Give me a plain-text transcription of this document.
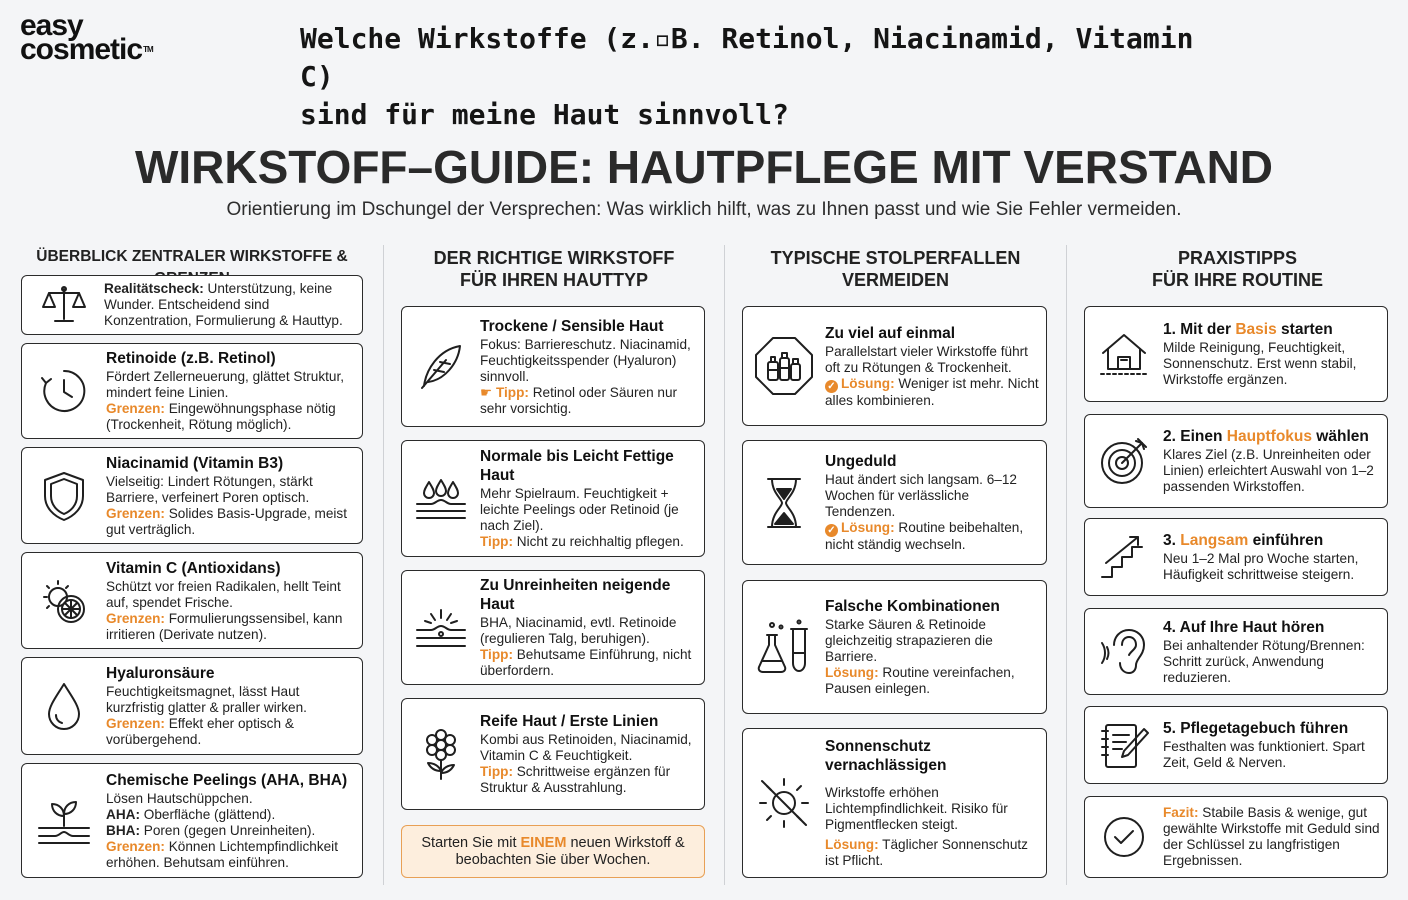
easy
cosmetic™	Welche Wirkstoffe (z.▫B. Retinol, Niacinamid, Vitamin C)
sind für meine Haut sinnvoll?
WIRKSTOFF–GUIDE: HAUTPFLEGE MIT VERSTAND
Orientierung im Dschungel der Versprechen: Was wirklich hilft, was zu Ihnen passt und wie Sie Fehler vermeiden.
ÜBERBLICK ZENTRALER WIRKSTOFFE &
Realitätscheck: Unterstützung, keine Wunder. Entscheidend sind Konzentration, Formulierung & Hauttyp.
Retinoide (z.B. Retinol)
Fördert Zellerneuerung, glättet Struktur, mindert feine Linien.
Grenzen: Eingewöhnungsphase nötig (Trockenheit, Rötung möglich).
Niacinamid (Vitamin B3)
Vielseitig: Lindert Rötungen, stärkt Barriere, verfeinert Poren optisch.
Grenzen: Solides Basis-Upgrade, meist gut verträglich.
Vitamin C (Antioxidans)
Schützt vor freien Radikalen, hellt Teint auf, spendet Frische.
Grenzen: Formulierungssensibel, kann irritieren (Derivate nutzen).
Hyaluronsäure
Feuchtigkeitsmagnet, lässt Haut kurzfristig glatter & praller wirken.
Grenzen: Effekt eher optisch & vorübergehend.
Chemische Peelings (AHA, BHA)
Lösen Hautschüppchen.
AHA: Oberfläche (glättend).
BHA: Poren (gegen Unreinheiten).
Grenzen: Können Lichtempfindlichkeit erhöhen. Behutsam einführen.
DER RICHTIGE WIRKSTOFF
FÜR IHREN HAUTTYP
Trockene / Sensible Haut
Fokus: Barriereschutz. Niacinamid, Feuchtigkeitsspender (Hyaluron) sinnvoll.
☛ Tipp: Retinol oder Säuren nur sehr vorsichtig.
Normale bis Leicht Fettige Haut
Mehr Spielraum. Feuchtigkeit + leichte Peelings oder Retinoid (je nach Ziel).
Tipp: Nicht zu reichhaltig pflegen.
Zu Unreinheiten neigende Haut
BHA, Niacinamid, evtl. Retinoide (regulieren Talg, beruhigen).
Tipp: Behutsame Einführung, nicht überfordern.
Reife Haut / Erste Linien
Kombi aus Retinoiden, Niacinamid, Vitamin C & Feuchtigkeit.
Tipp: Schrittweise ergänzen für Struktur & Ausstrahlung.
Starten Sie mit EINEM neuen Wirkstoff & beobachten Sie über Wochen.
TYPISCHE STOLPERFALLEN
VERMEIDEN
Zu viel auf einmal
Parallelstart vieler Wirkstoffe führt oft zu Rötungen & Trockenheit.
✓ Lösung: Weniger ist mehr. Nicht alles kombinieren.
Ungeduld
Haut ändert sich langsam. 6–12 Wochen für verlässliche Tendenzen.
✓ Lösung: Routine beibehalten, nicht ständig wechseln.
Falsche Kombinationen
Starke Säuren & Retinoide gleichzeitig strapazieren die Barriere.
Lösung: Routine vereinfachen, Pausen einlegen.
Sonnenschutz vernachlässigen
Wirkstoffe erhöhen Lichtempfindlichkeit. Risiko für Pigmentflecken steigt.
Lösung: Täglicher Sonnenschutz ist Pflicht.
PRAXISTIPPS
FÜR IHRE ROUTINE
1. Mit der Basis starten
Milde Reinigung, Feuchtigkeit, Sonnenschutz. Erst wenn stabil, Wirkstoffe ergänzen.
2. Einen Hauptfokus wählen
Klares Ziel (z.B. Unreinheiten oder Linien) erleichtert Auswahl von 1–2 passenden Wirkstoffen.
3. Langsam einführen
Neu 1–2 Mal pro Woche starten, Häufigkeit schrittweise steigern.
4. Auf Ihre Haut hören
Bei anhaltender Rötung/Brennen: Schritt zurück, Anwendung reduzieren.
5. Pflegetagebuch führen
Festhalten was funktioniert. Spart Zeit, Geld & Nerven.
Fazit: Stabile Basis & wenige, gut gewählte Wirkstoffe mit Geduld sind der Schlüssel zu langfristigen Ergebnissen.
